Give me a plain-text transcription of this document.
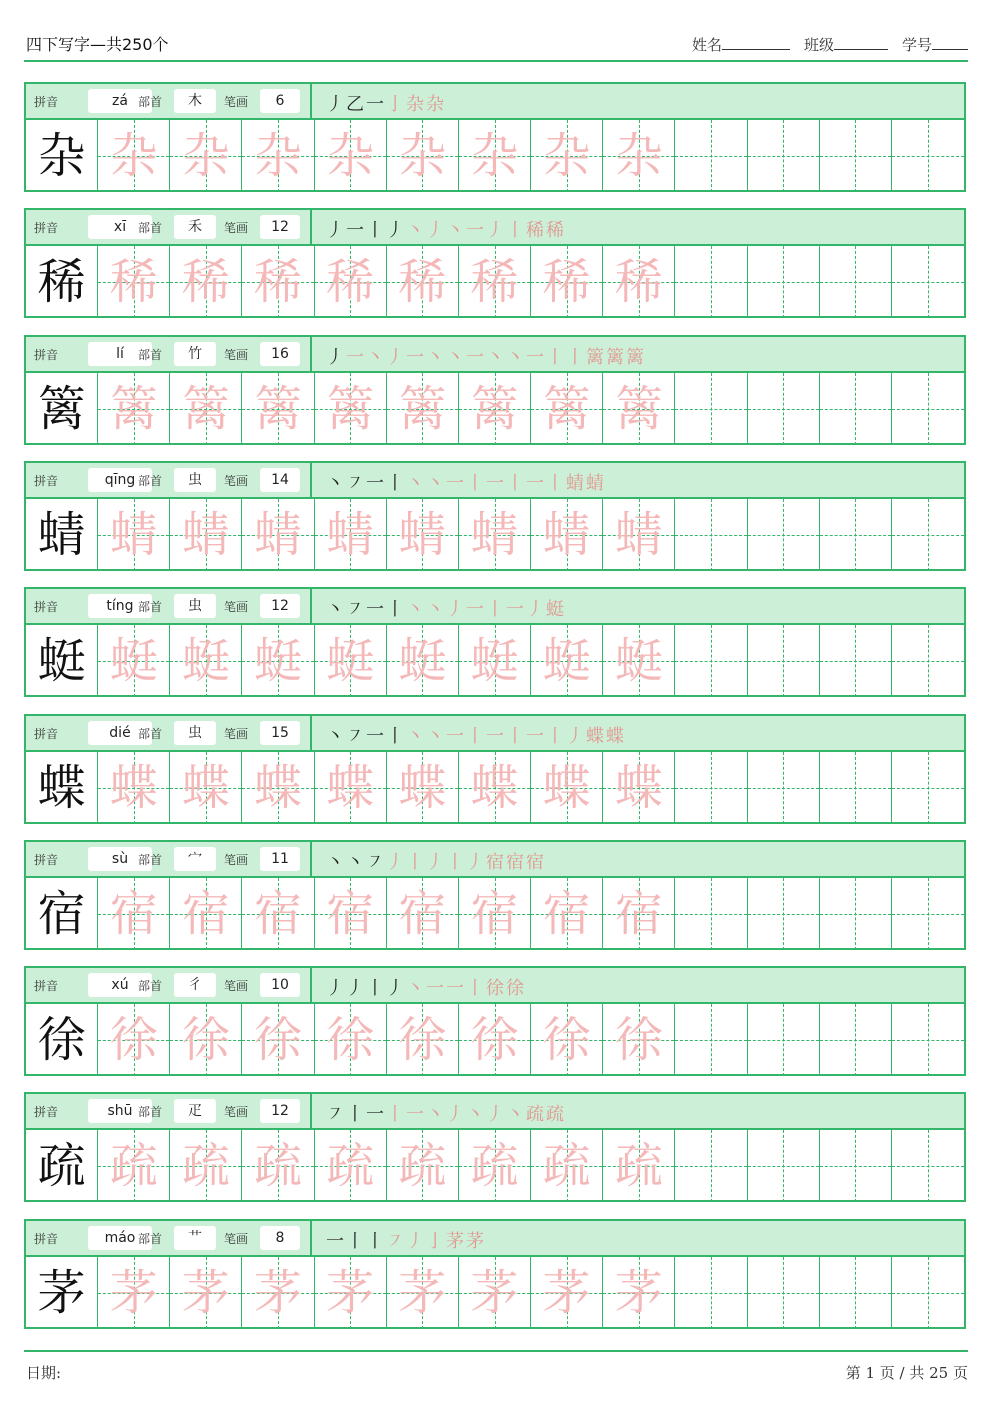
四下写字—共250个	姓名	班级	学号
拼音	zá 部首	木	笔画	6	丿乙一亅杂杂
杂 杂 杂 杂 杂 杂 杂 杂 杂
拼音	xī 部首	禾	笔画	12	丿一丨丿丶丿丶一丿丨稀稀
稀 稀 稀 稀 稀 稀 稀 稀 稀
拼音	lí	部首	竹	笔画	16	丿一丶丿一丶丶一丶丶一丨丨篱篱篱
篱 篱 篱 篱 篱 篱 篱 篱 篱
拼音	qīng 部首	虫	笔画	14	丶㇇一丨丶丶一丨一丨一丨蜻蜻
蜻 蜻 蜻 蜻 蜻 蜻 蜻 蜻 蜻
拼音	tíng 部首	虫	笔画	12	丶㇇一丨丶丶丿一丨一丿蜓
蜓 蜓 蜓 蜓 蜓 蜓 蜓 蜓 蜓
拼音	dié 部首	虫	笔画	15	丶㇇一丨丶丶一丨一丨一丨丿蝶蝶
蝶 蝶 蝶 蝶 蝶 蝶 蝶 蝶 蝶
拼音	sù 部首	宀	笔画	11	丶丶㇇丿丨丿丨丿宿宿宿
宿 宿 宿 宿 宿 宿 宿 宿 宿
拼音	xú 部首	彳	笔画	10	丿丿丨丿丶一一丨徐徐
徐 徐 徐 徐 徐 徐 徐 徐 徐
拼音	shū 部首	疋	笔画	12	㇇丨一丨一丶丿丶丿丶疏疏
疏 疏 疏 疏 疏 疏 疏 疏 疏
拼音	máo 部首	艹	笔画	8	一丨丨㇇丿亅茅茅
茅 茅 茅 茅 茅 茅 茅 茅 茅
日期:	第 1 页 / 共 25 页
